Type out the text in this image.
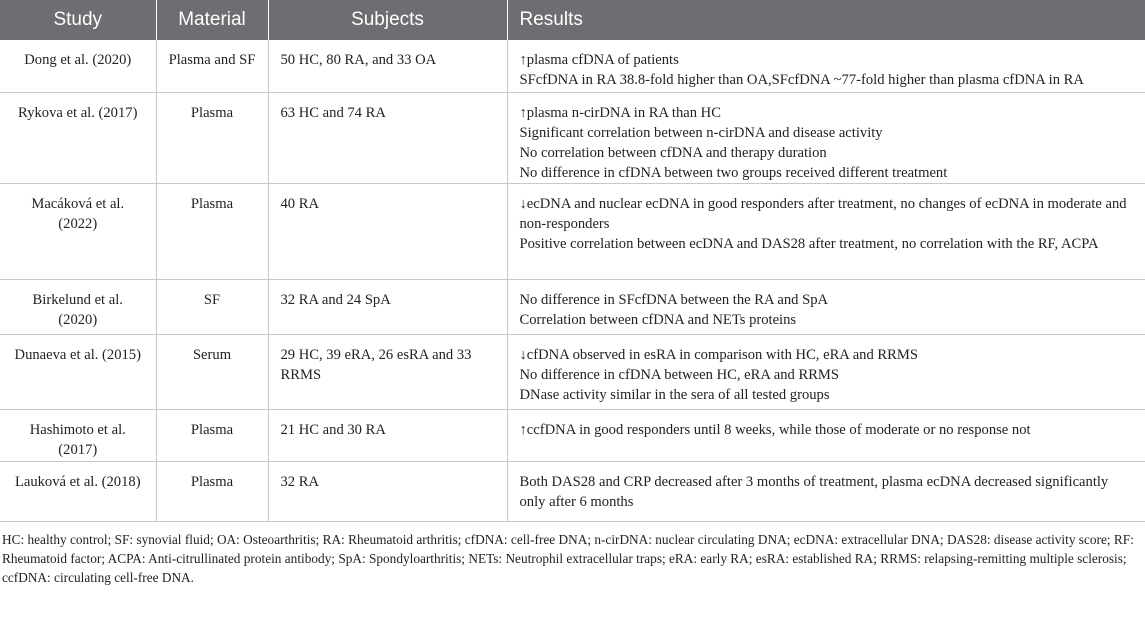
Study	Material	Subjects	Results
Dong et al. (2020)	Plasma and SF	50 HC, 80 RA, and 33 OA	↑plasma cfDNA of patients
SFcfDNA in RA 38.8-fold higher than OA,SFcfDNA ~77-fold higher than plasma cfDNA in RA

Rykova et al. (2017)	Plasma	63 HC and 74 RA	↑plasma n-cirDNA in RA than HC
Significant correlation between n-cirDNA and disease activity
No correlation between cfDNA and therapy duration
No difference in cfDNA between two groups received different treatment

Macáková et al. (2022)	Plasma	40 RA	↓ecDNA and nuclear ecDNA in good responders after treatment, no changes of ecDNA in moderate and non-responders
Positive correlation between ecDNA and DAS28 after treatment, no correlation with the RF, ACPA

Birkelund et al. (2020)	SF	32 RA and 24 SpA	No difference in SFcfDNA between the RA and SpA
Correlation between cfDNA and NETs proteins

Dunaeva et al. (2015)	Serum	29 HC, 39 eRA, 26 esRA and 33 RRMS	↓cfDNA observed in esRA in comparison with HC, eRA and RRMS
No difference in cfDNA between HC, eRA and RRMS
DNase activity similar in the sera of all tested groups

Hashimoto et al. (2017)	Plasma	21 HC and 30 RA	↑ccfDNA in good responders until 8 weeks, while those of moderate or no response not

Lauková et al. (2018)	Plasma	32 RA	Both DAS28 and CRP decreased after 3 months of treatment, plasma ecDNA decreased significantly only after 6 months
HC: healthy control; SF: synovial fluid; OA: Osteoarthritis; RA: Rheumatoid arthritis; cfDNA: cell-free DNA; n-cirDNA: nuclear circulating DNA; ecDNA: extracellular DNA; DAS28: disease activity score; RF: Rheumatoid factor; ACPA: Anti-citrullinated protein antibody; SpA: Spondyloarthritis; NETs: Neutrophil extracellular traps; eRA: early RA; esRA: established RA; RRMS: relapsing-remitting multiple sclerosis; ccfDNA: circulating cell-free DNA.
